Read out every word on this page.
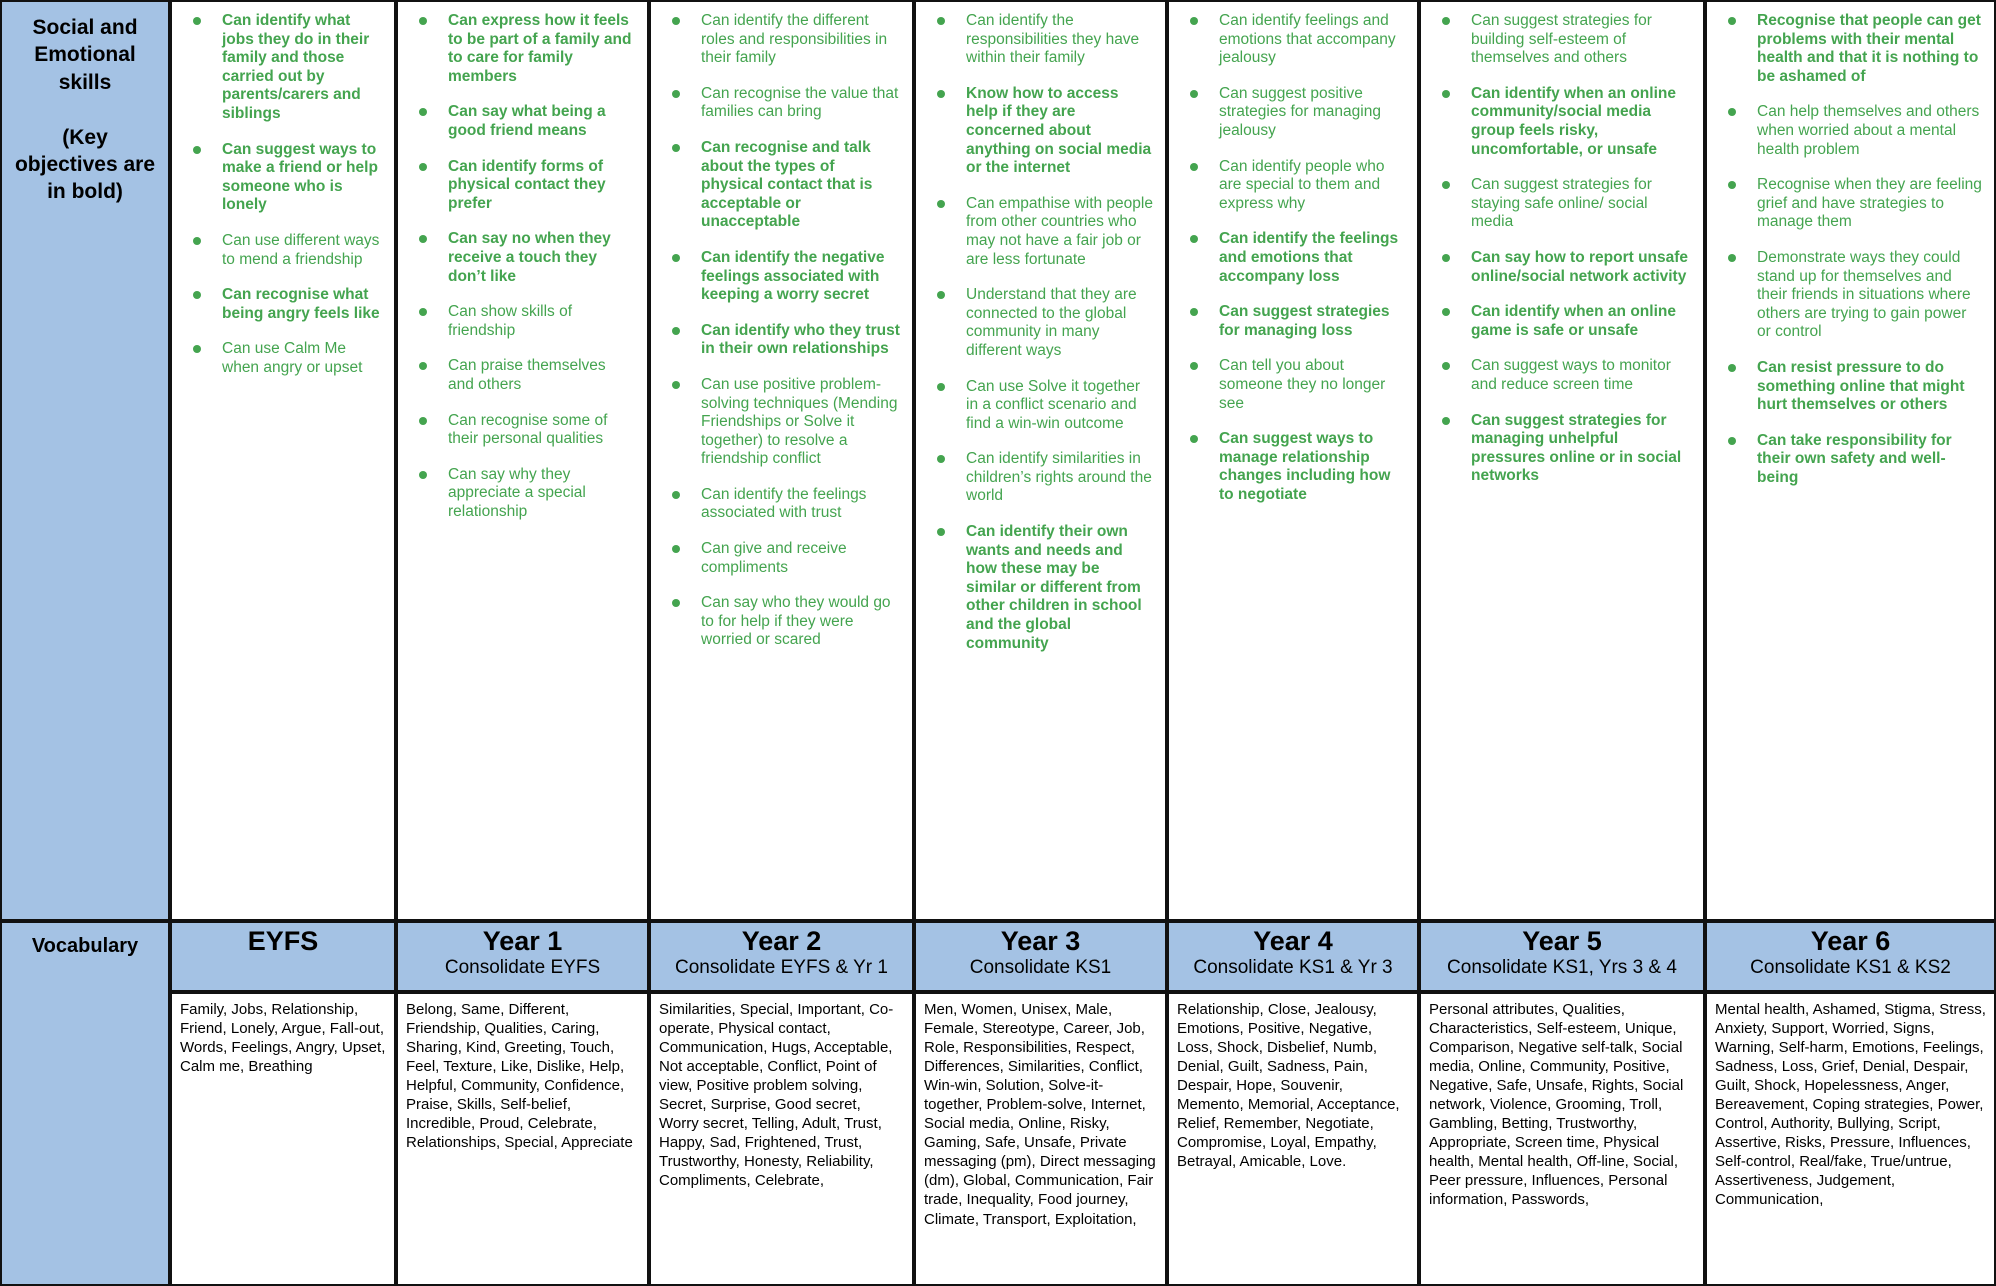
Social and Emotional skills
(Key objectives are in bold)
Vocabulary
Can identify what jobs they do in their family and those carried out by parents/carers and siblings
Can suggest ways to make a friend or help someone who is lonely
Can use different ways to mend a friendship
Can recognise what being angry feels like
Can use Calm Me when angry or upset
EYFS
Family, Jobs, Relationship, Friend, Lonely, Argue, Fall-out, Words, Feelings, Angry, Upset, Calm me, Breathing
Can express how it feels to be part of a family and to care for family members
Can say what being a good friend means
Can identify forms of physical contact they prefer
Can say no when they receive a touch they don’t like
Can show skills of friendship
Can praise themselves and others
Can recognise some of their personal qualities
Can say why they appreciate a special relationship
Year 1
Consolidate EYFS
Belong, Same, Different, Friendship, Qualities, Caring, Sharing, Kind, Greeting, Touch, Feel, Texture, Like, Dislike, Help, Helpful, Community, Confidence, Praise, Skills, Self-belief, Incredible, Proud, Celebrate, Relationships, Special, Appreciate
Can identify the different roles and responsibilities in their family
Can recognise the value that families can bring
Can recognise and talk about the types of physical contact that is acceptable or unacceptable
Can identify the negative feelings associated with keeping a worry secret
Can identify who they trust in their own relationships
Can use positive problem-solving techniques (Mending Friendships or Solve it together) to resolve a friendship conflict
Can identify the feelings associated with trust
Can give and receive compliments
Can say who they would go to for help if they were worried or scared
Year 2
Consolidate EYFS & Yr 1
Similarities, Special, Important, Co-operate, Physical contact, Communication, Hugs, Acceptable, Not acceptable, Conflict, Point of view, Positive problem solving, Secret, Surprise, Good secret, Worry secret, Telling, Adult, Trust, Happy, Sad, Frightened, Trust, Trustworthy, Honesty, Reliability, Compliments, Celebrate,
Can identify the responsibilities they have within their family
Know how to access help if they are concerned about anything on social media or the internet
Can empathise with people from other countries who may not have a fair job or are less fortunate
Understand that they are connected to the global community in many different ways
Can use Solve it together in a conflict scenario and find a win-win outcome
Can identify similarities in children’s rights around the world
Can identify their own wants and needs and how these may be similar or different from other children in school and the global community
Year 3
Consolidate KS1
Men, Women, Unisex, Male, Female, Stereotype, Career, Job, Role, Responsibilities, Respect, Differences, Similarities, Conflict, Win-win, Solution, Solve-it-together, Problem-solve, Internet, Social media, Online, Risky, Gaming, Safe, Unsafe, Private messaging (pm), Direct messaging (dm), Global, Communication, Fair trade, Inequality, Food journey, Climate, Transport, Exploitation,
Can identify feelings and emotions that accompany jealousy
Can suggest positive strategies for managing jealousy
Can identify people who are special to them and express why
Can identify the feelings and emotions that accompany loss
Can suggest strategies for managing loss
Can tell you about someone they no longer see
Can suggest ways to manage relationship changes including how to negotiate
Year 4
Consolidate KS1 & Yr 3
Relationship, Close, Jealousy, Emotions, Positive, Negative, Loss, Shock, Disbelief, Numb, Denial, Guilt, Sadness, Pain, Despair, Hope, Souvenir, Memento, Memorial, Acceptance, Relief, Remember, Negotiate, Compromise, Loyal, Empathy, Betrayal, Amicable, Love.
Can suggest strategies for building self-esteem of themselves and others
Can identify when an online community/social media group feels risky, uncomfortable, or unsafe
Can suggest strategies for staying safe online/ social media
Can say how to report unsafe online/social network activity
Can identify when an online game is safe or unsafe
Can suggest ways to monitor and reduce screen time
Can suggest strategies for managing unhelpful pressures online or in social networks
Year 5
Consolidate KS1, Yrs 3 & 4
Personal attributes, Qualities, Characteristics, Self-esteem, Unique, Comparison, Negative self-talk, Social media, Online, Community, Positive, Negative, Safe, Unsafe, Rights, Social network, Violence, Grooming, Troll, Gambling, Betting, Trustworthy, Appropriate, Screen time, Physical health, Mental health, Off-line, Social, Peer pressure, Influences, Personal information, Passwords,
Recognise that people can get problems with their mental health and that it is nothing to be ashamed of
Can help themselves and others when worried about a mental health problem
Recognise when they are feeling grief and have strategies to manage them
Demonstrate ways they could stand up for themselves and their friends in situations where others are trying to gain power or control
Can resist pressure to do something online that might hurt themselves or others
Can take responsibility for their own safety and well-being
Year 6
Consolidate KS1 & KS2
Mental health, Ashamed, Stigma, Stress, Anxiety, Support, Worried, Signs, Warning, Self-harm, Emotions, Feelings, Sadness, Loss, Grief, Denial, Despair, Guilt, Shock, Hopelessness, Anger, Bereavement, Coping strategies, Power, Control, Authority, Bullying, Script, Assertive, Risks, Pressure, Influences, Self-control, Real/fake, True/untrue, Assertiveness, Judgement, Communication,
